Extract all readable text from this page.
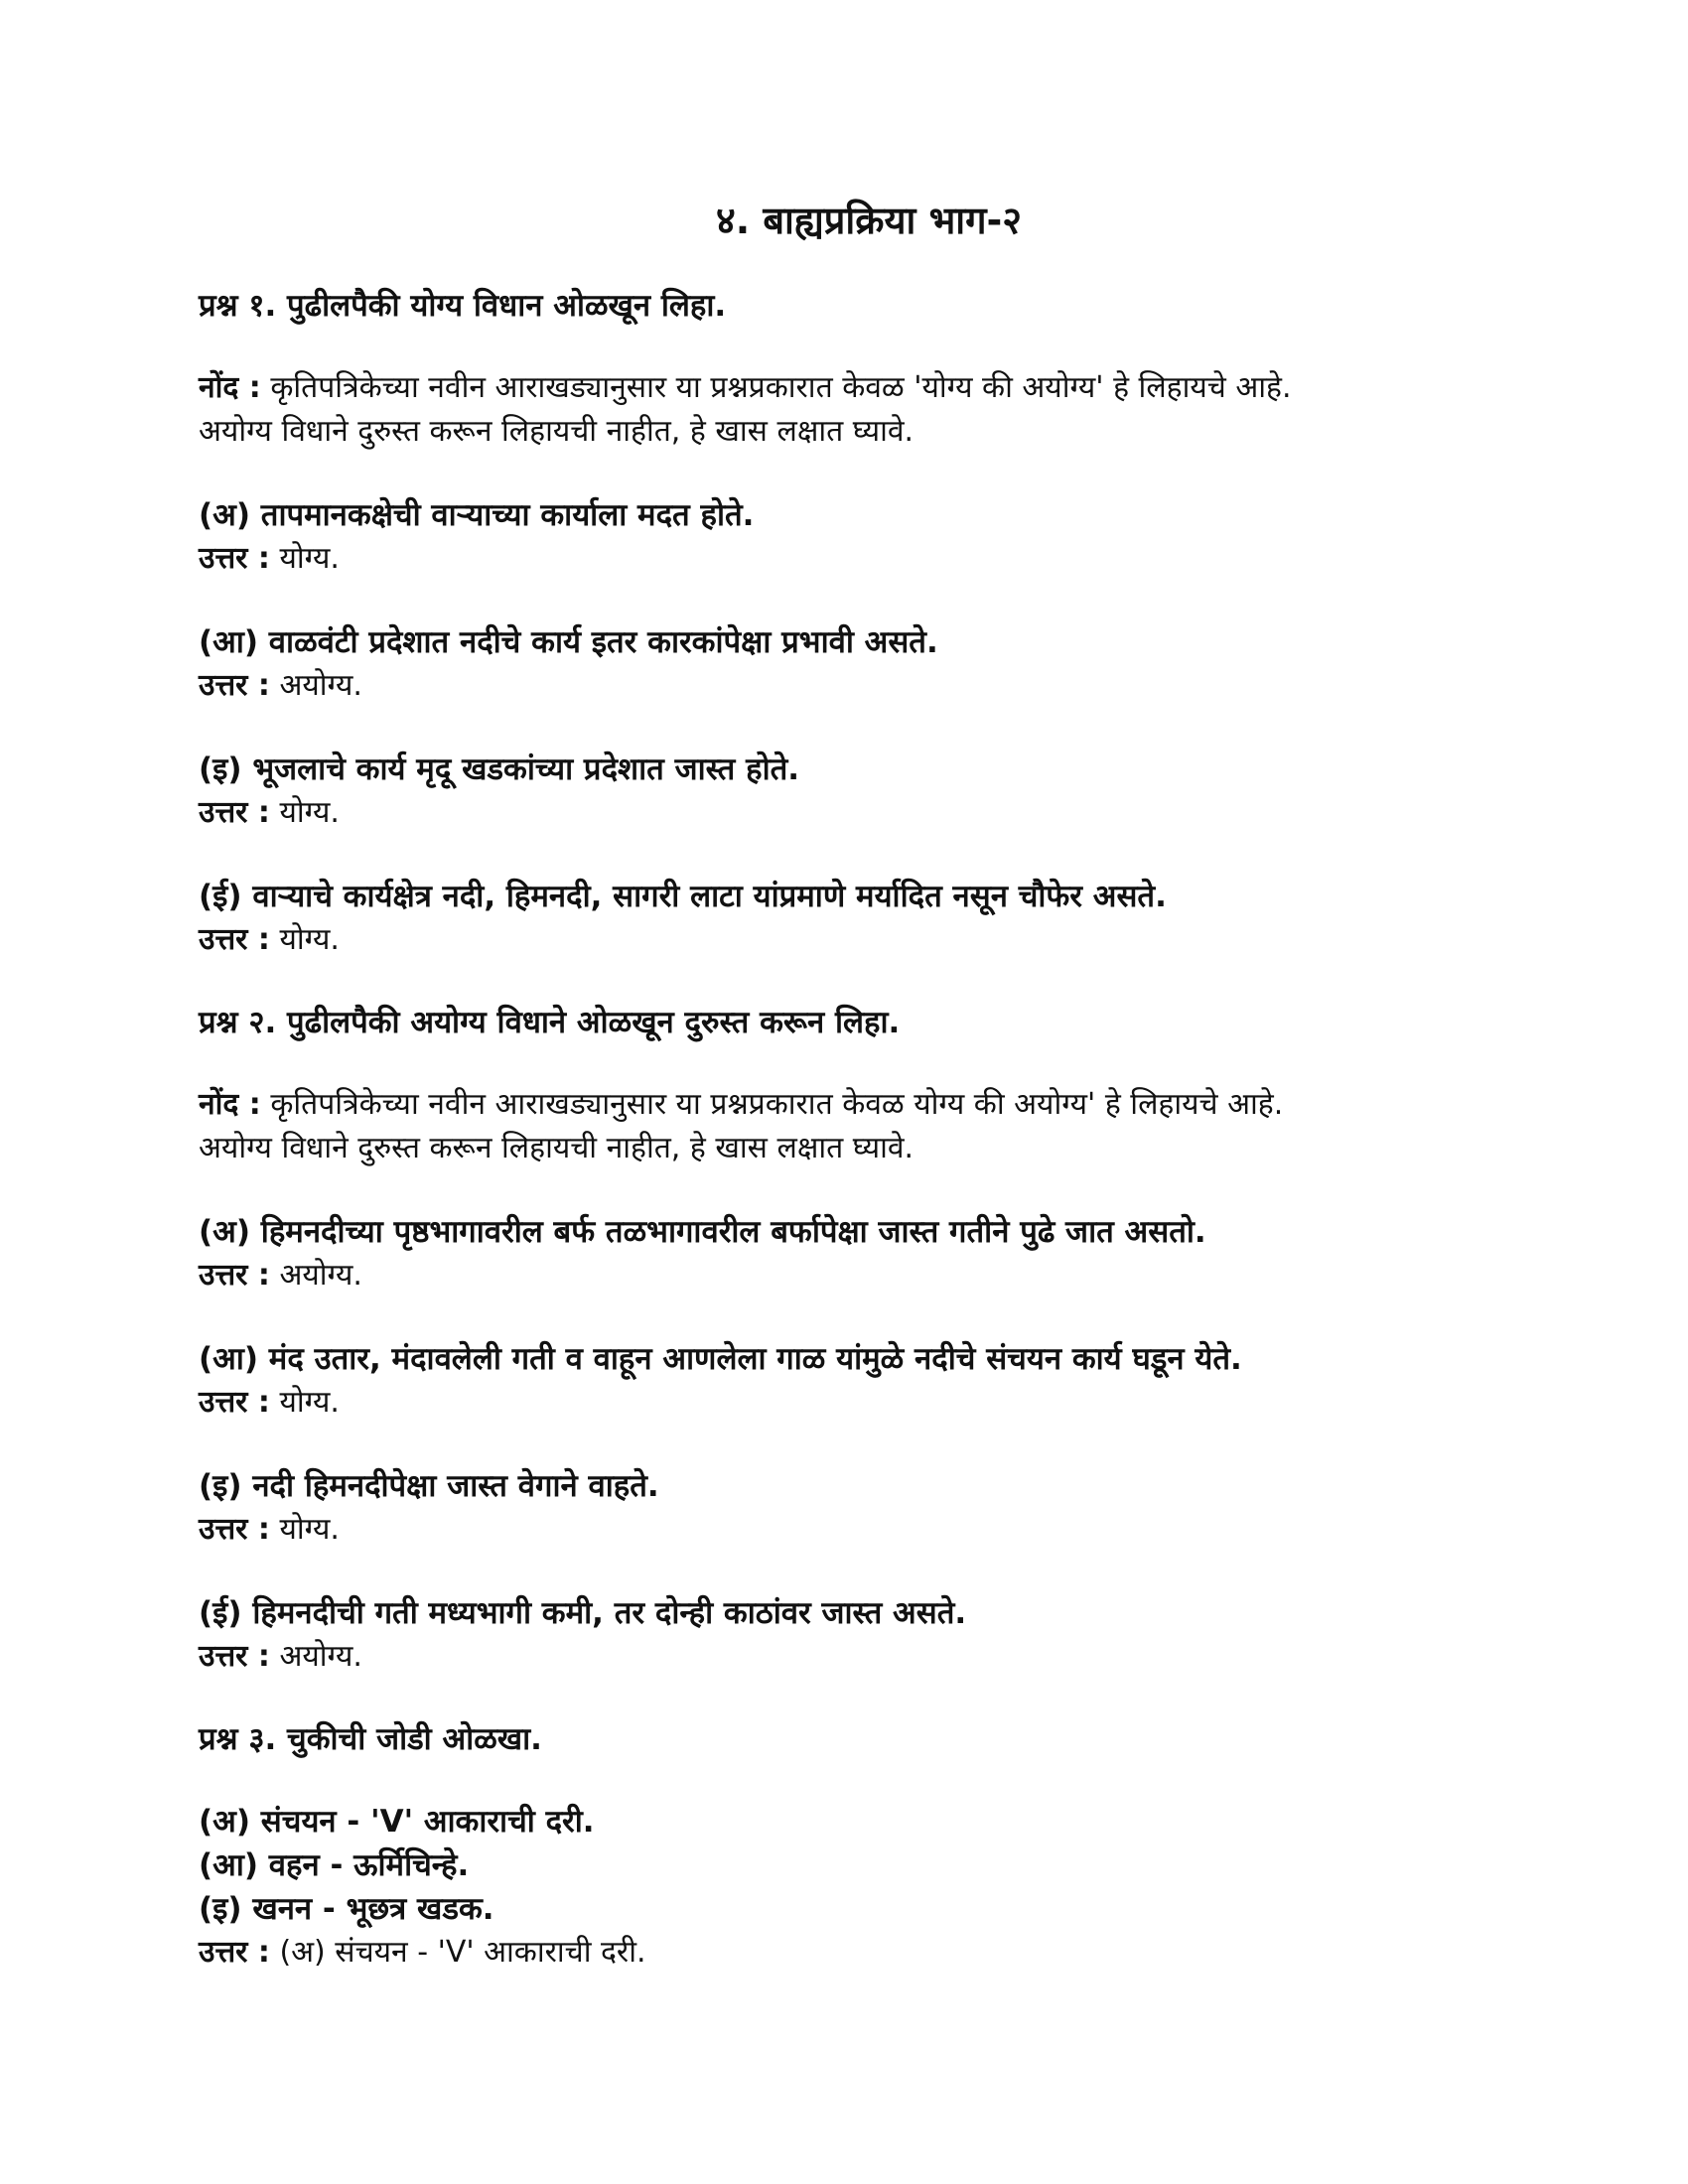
४. बाह्यप्रक्रिया भाग-२

प्रश्न १. पुढीलपैकी योग्य विधान ओळखून लिहा.

नोंद : कृतिपत्रिकेच्या नवीन आराखड्यानुसार या प्रश्नप्रकारात केवळ 'योग्य की अयोग्य' हे लिहायचे आहे.
अयोग्य विधाने दुरुस्त करून लिहायची नाहीत, हे खास लक्षात घ्यावे.

(अ) तापमानकक्षेची वाऱ्याच्या कार्याला मदत होते.

उत्तर : योग्य.

(आ) वाळवंटी प्रदेशात नदीचे कार्य इतर कारकांपेक्षा प्रभावी असते.

उत्तर : अयोग्य.

(इ) भूजलाचे कार्य मृदू खडकांच्या प्रदेशात जास्त होते.

उत्तर : योग्य.

(ई) वाऱ्याचे कार्यक्षेत्र नदी, हिमनदी, सागरी लाटा यांप्रमाणे मर्यादित नसून चौफेर असते.

उत्तर : योग्य.

प्रश्न २. पुढीलपैकी अयोग्य विधाने ओळखून दुरुस्त करून लिहा.

नोंद : कृतिपत्रिकेच्या नवीन आराखड्यानुसार या प्रश्नप्रकारात केवळ योग्य की अयोग्य' हे लिहायचे आहे.
अयोग्य विधाने दुरुस्त करून लिहायची नाहीत, हे खास लक्षात घ्यावे.

(अ) हिमनदीच्या पृष्ठभागावरील बर्फ तळभागावरील बर्फापेक्षा जास्त गतीने पुढे जात असतो.

उत्तर : अयोग्य.

(आ) मंद उतार, मंदावलेली गती व वाहून आणलेला गाळ यांमुळे नदीचे संचयन कार्य घडून येते.

उत्तर : योग्य.

(इ) नदी हिमनदीपेक्षा जास्त वेगाने वाहते.

उत्तर : योग्य.

(ई) हिमनदीची गती मध्यभागी कमी, तर दोन्ही काठांवर जास्त असते.

उत्तर : अयोग्य.

प्रश्न ३. चुकीची जोडी ओळखा.

(अ) संचयन - 'V' आकाराची दरी.

(आ) वहन - ऊर्मिचिन्हे.

(इ) खनन - भूछत्र खडक.

उत्तर : (अ) संचयन - 'V' आकाराची दरी.
